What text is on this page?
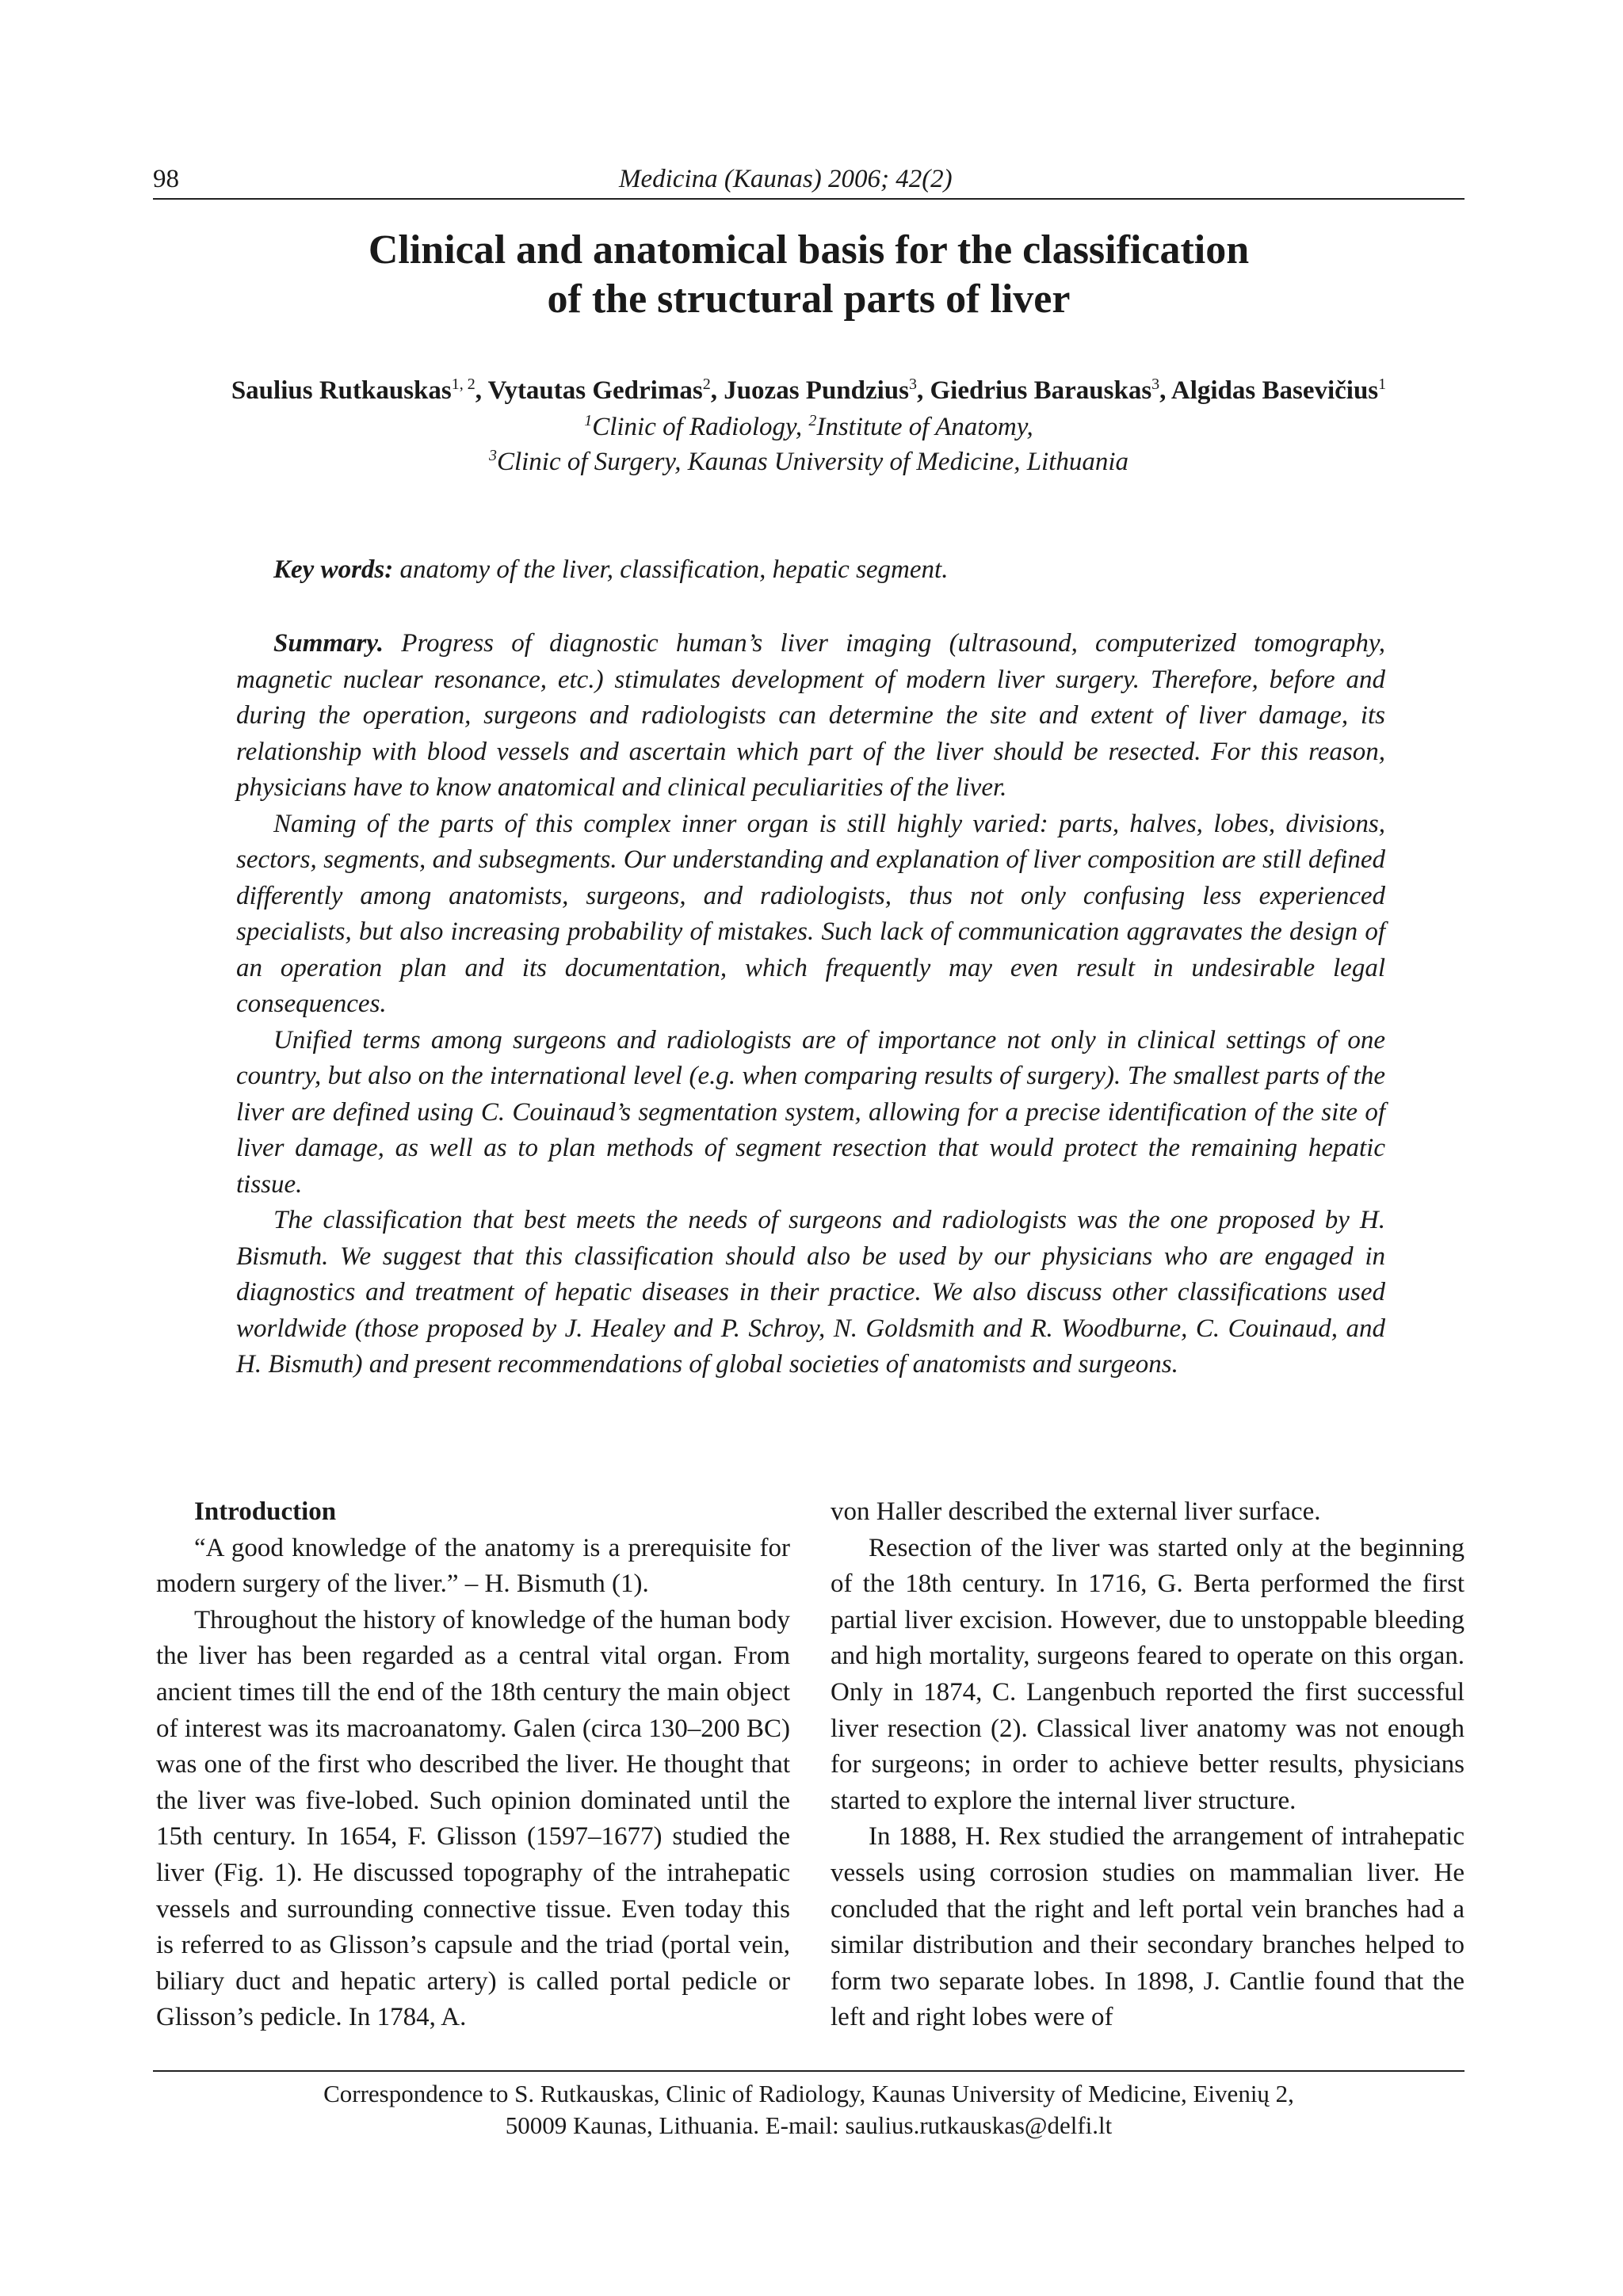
98	Medicina (Kaunas) 2006; 42(2)
Clinical and anatomical basis for the classification
of the structural parts of liver
Saulius Rutkauskas$^{1, 2}$, Vytautas Gedrimas$^2$, Juozas Pundzius$^3$, Giedrius Barauskas$^3$, Algidas Basevičius$^1$
$^1$Clinic of Radiology, $^2$Institute of Anatomy,
$^3$Clinic of Surgery, Kaunas University of Medicine, Lithuania
Key words: anatomy of the liver, classification, hepatic segment.

Summary. Progress of diagnostic human’s liver imaging (ultrasound, computerized tomography, magnetic nuclear resonance, etc.) stimulates development of modern liver surgery. Therefore, before and during the operation, surgeons and radiologists can determine the site and extent of liver damage, its relationship with blood vessels and ascertain which part of the liver should be resected. For this reason, physicians have to know anatomical and clinical peculiarities of the liver.

Naming of the parts of this complex inner organ is still highly varied: parts, halves, lobes, divisions, sectors, segments, and subsegments. Our understanding and explanation of liver composition are still defined differently among anatomists, surgeons, and radiologists, thus not only confusing less experienced specialists, but also increasing probability of mistakes. Such lack of communication aggravates the design of an operation plan and its documentation, which frequently may even result in undesirable legal consequences.

Unified terms among surgeons and radiologists are of importance not only in clinical settings of one country, but also on the international level (e.g. when comparing results of surgery). The smallest parts of the liver are defined using C. Couinaud’s segmentation system, allowing for a precise identification of the site of liver damage, as well as to plan methods of segment resection that would protect the remaining hepatic tissue.

The classification that best meets the needs of surgeons and radiologists was the one proposed by H. Bismuth. We suggest that this classification should also be used by our physicians who are engaged in diagnostics and treatment of hepatic diseases in their practice. We also discuss other classifications used worldwide (those proposed by J. Healey and P. Schroy, N. Goldsmith and R. Woodburne, C. Couinaud, and H. Bismuth) and present recommendations of global societies of anatomists and surgeons.

Introduction

“A good knowledge of the anatomy is a prerequisite for modern surgery of the liver.” – H. Bismuth (1).

Throughout the history of knowledge of the human body the liver has been regarded as a central vital organ. From ancient times till the end of the 18th century the main object of interest was its macroanatomy. Galen (circa 130–200 BC) was one of the first who described the liver. He thought that the liver was five-lobed. Such opinion dominated until the 15th century. In 1654, F. Glisson (1597–1677) studied the liver (Fig. 1). He discussed topography of the intrahepatic vessels and surrounding connective tissue. Even today this is referred to as Glisson’s capsule and the triad (portal vein, biliary duct and hepatic artery) is called portal pedicle or Glisson’s pedicle. In 1784, A.

von Haller described the external liver surface.

Resection of the liver was started only at the beginning of the 18th century. In 1716, G. Berta performed the first partial liver excision. However, due to unstoppable bleeding and high mortality, surgeons feared to operate on this organ. Only in 1874, C. Langenbuch reported the first successful liver resection (2). Classical liver anatomy was not enough for surgeons; in order to achieve better results, physicians started to explore the internal liver structure.

In 1888, H. Rex studied the arrangement of intrahepatic vessels using corrosion studies on mammalian liver. He concluded that the right and left portal vein branches had a similar distribution and their secondary branches helped to form two separate lobes. In 1898, J. Cantlie found that the left and right lobes were of

Correspondence to S. Rutkauskas, Clinic of Radiology, Kaunas University of Medicine, Eivenių 2,
50009 Kaunas, Lithuania. E-mail: saulius.rutkauskas@delfi.lt
